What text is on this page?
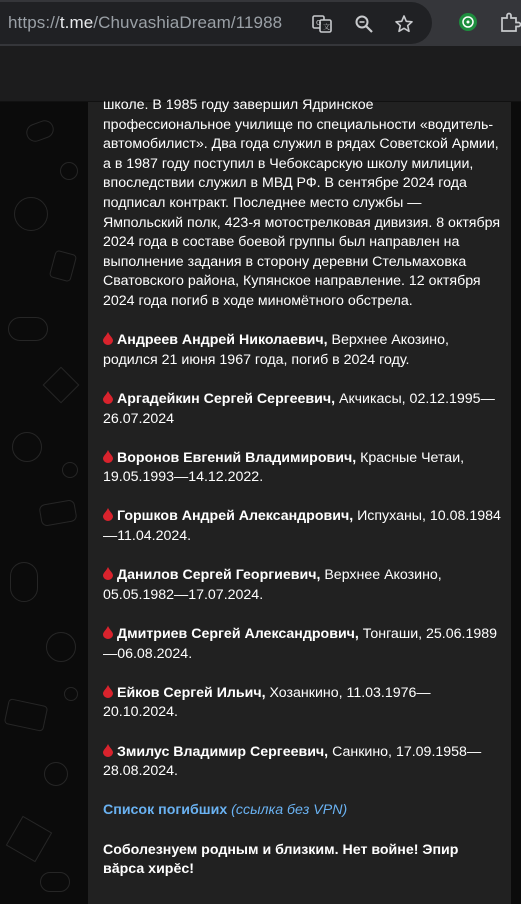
https://t.me/ChuvashiaDream/11988	G 文
школе. В 1985 году завершил Ядринское профессиональное училище по специальности «водитель-автомобилист». Два года служил в рядах Советской Армии, а в 1987 году поступил в Чебоксарскую школу милиции, впоследствии служил в МВД РФ. В сентябре 2024 года подписал контракт. Последнее место службы — Ямпольский полк, 423-я мотострелковая дивизия. 8 октября 2024 года в составе боевой группы был направлен на выполнение задания в сторону деревни Стельмаховка Сватовского района, Купянское направление. 12 октября 2024 года погиб в ходе миномётного обстрела.
Андреев Андрей Николаевич, Верхнее Акозино, родился 21 июня 1967 года, погиб в 2024 году.
Аргадейкин Сергей Сергеевич, Акчикасы, 02.12.1995—26.07.2024
Воронов Евгений Владимирович, Красные Четаи, 19.05.1993—14.12.2022.
Горшков Андрей Александрович, Испуханы, 10.08.1984—11.04.2024.
Данилов Сергей Георгиевич, Верхнее Акозино, 05.05.1982—17.07.2024.
Дмитриев Сергей Александрович, Тонгаши, 25.06.1989—06.08.2024.
Ейков Сергей Ильич, Хозанкино, 11.03.1976—20.10.2024.
Змилус Владимир Сергеевич, Санкино, 17.09.1958—28.08.2024.
Список погибших (ссылка без VPN)
Соболезнуем родным и близким. Нет войне! Эпир вăрса хирĕс!
